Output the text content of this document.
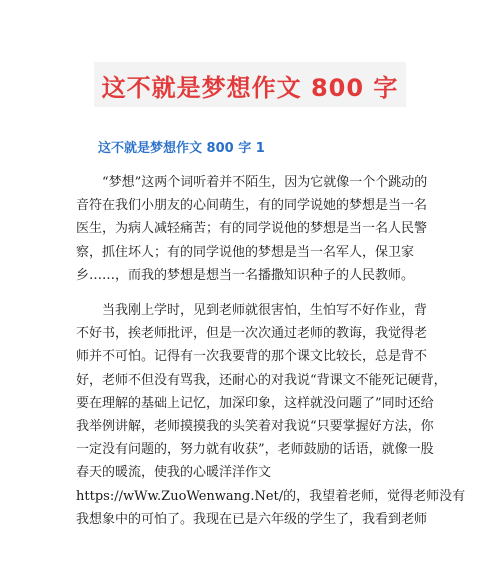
这不就是梦想作文 800 字
这不就是梦想作文 800 字 1

“梦想”这两个词听着并不陌生，因为它就像一个个跳动的
音符在我们小朋友的心间萌生，有的同学说她的梦想是当一名
医生，为病人减轻痛苦；有的同学说他的梦想是当一名人民警
察，抓住坏人；有的同学说他的梦想是当一名军人，保卫家
乡……，而我的梦想是想当一名播撒知识种子的人民教师。

当我刚上学时，见到老师就很害怕，生怕写不好作业，背
不好书，挨老师批评，但是一次次通过老师的教诲，我觉得老
师并不可怕。记得有一次我要背的那个课文比较长，总是背不
好，老师不但没有骂我，还耐心的对我说“背课文不能死记硬背，
要在理解的基础上记忆，加深印象，这样就没问题了”同时还给
我举例讲解，老师摸摸我的头笑着对我说“只要掌握好方法，你
一定没有问题的，努力就有收获”，老师鼓励的话语，就像一股
春天的暖流，使我的心暖洋洋作文
https://wWw.ZuoWenwang.Net/的，我望着老师，觉得老师没有
我想象中的可怕了。我现在已是六年级的学生了，我看到老师
